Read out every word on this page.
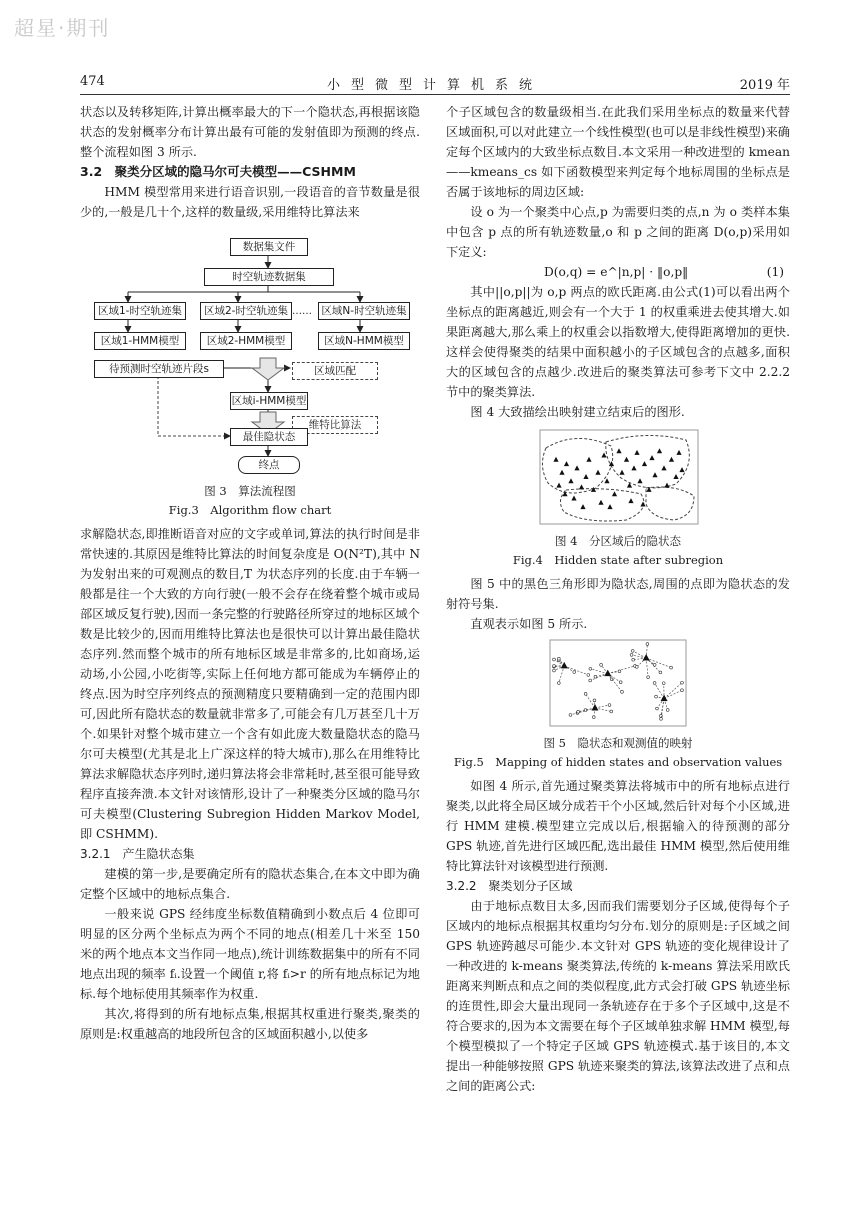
超星·期刊
474	小型微型计算机系统	2019 年

状态以及转移矩阵,计算出概率最大的下一个隐状态,再根据该隐状态的发射概率分布计算出最有可能的发射值即为预测的终点.整个流程如图 3 所示.

3.2　聚类分区域的隐马尔可夫模型——CSHMM

HMM 模型常用来进行语音识别,一段语音的音节数量是很少的,一般是几十个,这样的数量级,采用维特比算法来

数据集文件
时空轨迹数据集
区域1-时空轨迹集	区域2-时空轨迹集	区域N-时空轨迹集
……
区域1-HMM模型	区域2-HMM模型	区域N-HMM模型
待预测时空轨迹片段s	区域匹配
区域i-HMM模型
维特比算法
最佳隐状态
终点

图 3　算法流程图

Fig.3　Algorithm flow chart

求解隐状态,即推断语音对应的文字或单词,算法的执行时间是非常快速的.其原因是维特比算法的时间复杂度是 O(N²T),其中 N 为发射出来的可观测点的数目,T 为状态序列的长度.由于车辆一般都是往一个大致的方向行驶(一般不会存在绕着整个城市或局部区域反复行驶),因而一条完整的行驶路径所穿过的地标区域个数是比较少的,因而用维特比算法也是很快可以计算出最佳隐状态序列.然而整个城市的所有地标区域是非常多的,比如商场,运动场,小公园,小吃街等,实际上任何地方都可能成为车辆停止的终点.因为时空序列终点的预测精度只要精确到一定的范围内即可,因此所有隐状态的数量就非常多了,可能会有几万甚至几十万个.如果针对整个城市建立一个含有如此庞大数量隐状态的隐马尔可夫模型(尤其是北上广深这样的特大城市),那么在用维特比算法求解隐状态序列时,递归算法将会非常耗时,甚至很可能导致程序直接奔溃.本文针对该情形,设计了一种聚类分区域的隐马尔可夫模型(Clustering Subregion Hidden Markov Model,即 CSHMM).

3.2.1　产生隐状态集

建模的第一步,是要确定所有的隐状态集合,在本文中即为确定整个区域中的地标点集合.

一般来说 GPS 经纬度坐标数值精确到小数点后 4 位即可明显的区分两个坐标点为两个不同的地点(相差几十米至 150 米的两个地点本文当作同一地点),统计训练数据集中的所有不同地点出现的频率 fᵢ.设置一个阈值 r,将 fᵢ>r 的所有地点标记为地标.每个地标使用其频率作为权重.

其次,将得到的所有地标点集,根据其权重进行聚类,聚类的原则是:权重越高的地段所包含的区域面积越小,以使多

个子区域包含的数量级相当.在此我们采用坐标点的数量来代替区域面积,可以对此建立一个线性模型(也可以是非线性模型)来确定每个区域内的大致坐标点数目.本文采用一种改进型的 kmean——kmeans_cs 如下函数模型来判定每个地标周围的坐标点是否属于该地标的周边区域:

设 o 为一个聚类中心点,p 为需要归类的点,n 为 o 类样本集中包含 p 点的所有轨迹数量,o 和 p 之间的距离 D(o,p)采用如下定义:

D(o,q) = e^|n,p| · ‖o,p‖	(1)

其中||o,p||为 o,p 两点的欧氏距离.由公式(1)可以看出两个坐标点的距离越近,则会有一个大于 1 的权重乘进去使其增大.如果距离越大,那么乘上的权重会以指数增大,使得距离增加的更快.这样会使得聚类的结果中面积越小的子区域包含的点越多,面积大的区域包含的点越少.改进后的聚类算法可参考下文中 2.2.2 节中的聚类算法.

图 4 大致描绘出映射建立结束后的图形.

图 4　分区域后的隐状态

Fig.4　Hidden state after subregion

图 5 中的黑色三角形即为隐状态,周围的点即为隐状态的发射符号集.

直观表示如图 5 所示.

图 5　隐状态和观测值的映射

Fig.5　Mapping of hidden states and observation values

如图 4 所示,首先通过聚类算法将城市中的所有地标点进行聚类,以此将全局区域分成若干个小区域,然后针对每个小区域,进行 HMM 建模.模型建立完成以后,根据输入的待预测的部分 GPS 轨迹,首先进行区域匹配,选出最佳 HMM 模型,然后使用维特比算法针对该模型进行预测.

3.2.2　聚类划分子区域

由于地标点数目太多,因而我们需要划分子区域,使得每个子区域内的地标点根据其权重均匀分布.划分的原则是:子区域之间 GPS 轨迹跨越尽可能少.本文针对 GPS 轨迹的变化规律设计了一种改进的 k-means 聚类算法,传统的 k-means 算法采用欧氏距离来判断点和点之间的类似程度,此方式会打破 GPS 轨迹坐标的连贯性,即会大量出现同一条轨迹存在于多个子区域中,这是不符合要求的,因为本文需要在每个子区域单独求解 HMM 模型,每个模型模拟了一个特定子区域 GPS 轨迹模式.基于该目的,本文提出一种能够按照 GPS 轨迹来聚类的算法,该算法改进了点和点之间的距离公式:
